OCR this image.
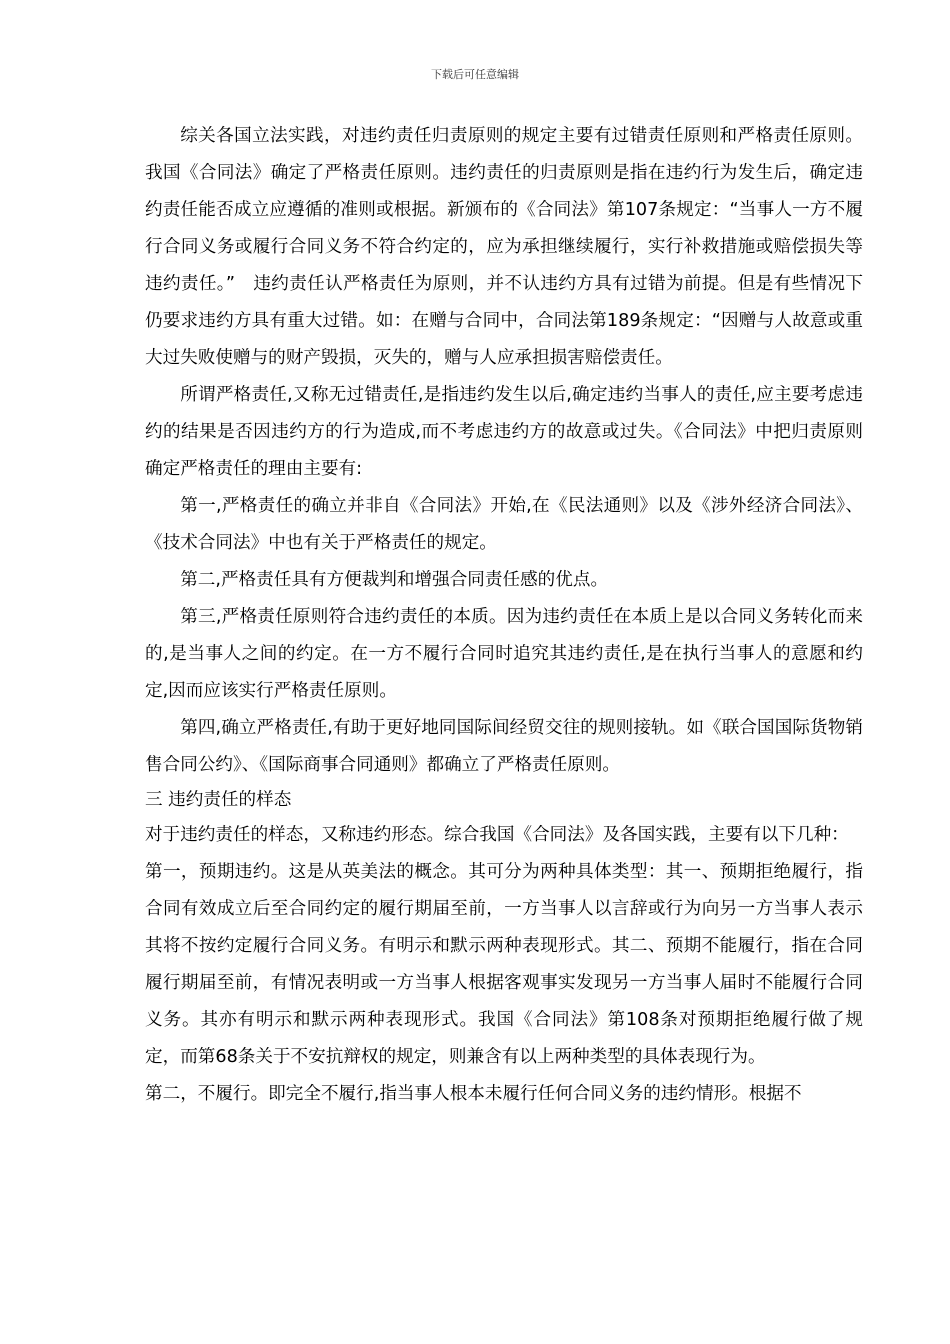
下载后可任意编辑

综关各国立法实践，对违约责任归责原则的规定主要有过错责任原则和严格责任原则。我国《合同法》确定了严格责任原则。违约责任的归责原则是指在违约行为发生后，确定违约责任能否成立应遵循的准则或根据。新颁布的《合同法》第107条规定：“当事人一方不履行合同义务或履行合同义务不符合约定的，应为承担继续履行，实行补救措施或赔偿损失等违约责任。”　违约责任认严格责任为原则，并不认违约方具有过错为前提。但是有些情况下仍要求违约方具有重大过错。如：在赠与合同中，合同法第189条规定：“因赠与人故意或重大过失败使赠与的财产毁损，灭失的，赠与人应承担损害赔偿责任。

所谓严格责任,又称无过错责任,是指违约发生以后,确定违约当事人的责任,应主要考虑违约的结果是否因违约方的行为造成,而不考虑违约方的故意或过失。《合同法》中把归责原则确定严格责任的理由主要有:

第一,严格责任的确立并非自《合同法》开始,在《民法通则》以及《涉外经济合同法》、《技术合同法》中也有关于严格责任的规定。

第二,严格责任具有方便裁判和增强合同责任感的优点。

第三,严格责任原则符合违约责任的本质。因为违约责任在本质上是以合同义务转化而来的,是当事人之间的约定。在一方不履行合同时追究其违约责任,是在执行当事人的意愿和约定,因而应该实行严格责任原则。

第四,确立严格责任,有助于更好地同国际间经贸交往的规则接轨。如《联合国国际货物销售合同公约》、《国际商事合同通则》都确立了严格责任原则。

三 违约责任的样态

对于违约责任的样态，又称违约形态。综合我国《合同法》及各国实践，主要有以下几种：

第一，预期违约。这是从英美法的概念。其可分为两种具体类型：其一、预期拒绝履行，指合同有效成立后至合同约定的履行期届至前，一方当事人以言辞或行为向另一方当事人表示其将不按约定履行合同义务。有明示和默示两种表现形式。其二、预期不能履行，指在合同履行期届至前，有情况表明或一方当事人根据客观事实发现另一方当事人届时不能履行合同义务。其亦有明示和默示两种表现形式。我国《合同法》第108条对预期拒绝履行做了规定，而第68条关于不安抗辩权的规定，则兼含有以上两种类型的具体表现行为。

第二，不履行。即完全不履行,指当事人根本未履行任何合同义务的违约情形。根据不
